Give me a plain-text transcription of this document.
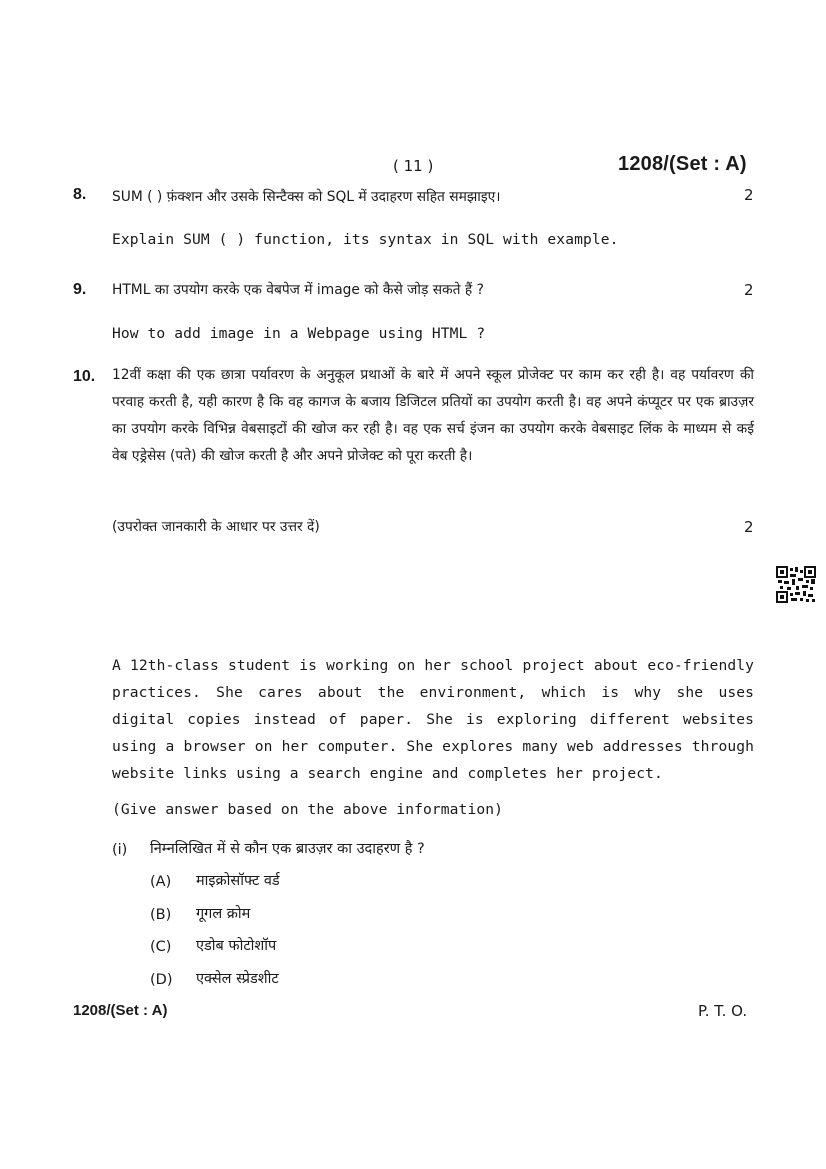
( 11 )	1208/(Set : A)
8. SUM ( ) फ़ंक्शन और उसके सिन्टैक्स को SQL में उदाहरण सहित समझाइए।	2
Explain SUM ( ) function, its syntax in SQL with example.
9. HTML का उपयोग करके एक वेबपेज में image को कैसे जोड़ सकते हैं ?	2
How to add image in a Webpage using HTML ?
10. 12वीं कक्षा की एक छात्रा पर्यावरण के अनुकूल प्रथाओं के बारे में अपने स्कूल प्रोजेक्ट पर काम कर रही है। वह पर्यावरण की परवाह करती है, यही कारण है कि वह कागज के बजाय डिजिटल प्रतियों का उपयोग करती है। वह अपने कंप्यूटर पर एक ब्राउज़र का उपयोग करके विभिन्न वेबसाइटों की खोज कर रही है। वह एक सर्च इंजन का उपयोग करके वेबसाइट लिंक के माध्यम से कई वेब एड्रेसेस (पते) की खोज करती है और अपने प्रोजेक्ट को पूरा करती है।
(उपरोक्त जानकारी के आधार पर उत्तर दें)	2
A 12th-class student is working on her school project about eco-friendly practices. She cares about the environment, which is why she uses digital copies instead of paper. She is exploring different websites using a browser on her computer. She explores many web addresses through website links using a search engine and completes her project.
(Give answer based on the above information)
(i) निम्नलिखित में से कौन एक ब्राउज़र का उदाहरण है ?
(A) माइक्रोसॉफ्ट वर्ड
(B) गूगल क्रोम
(C) एडोब फोटोशॉप
(D) एक्सेल स्प्रेडशीट
1208/(Set : A)	P. T. O.
